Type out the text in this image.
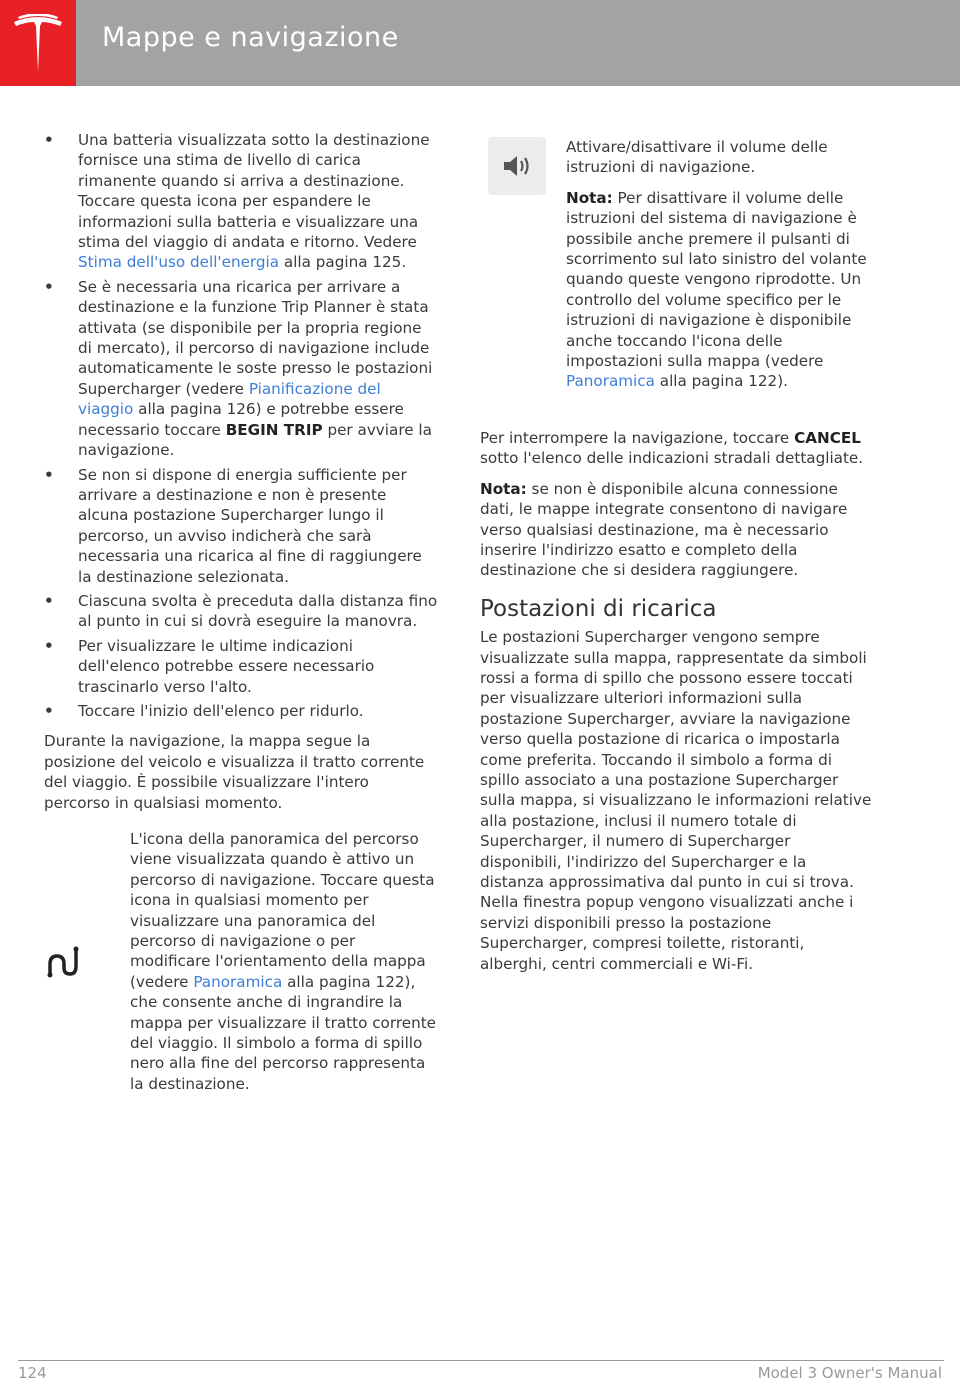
Mappe e navigazione
• Una batteria visualizzata sotto la destinazione fornisce una stima de livello di carica rimanente quando si arriva a destinazione. Toccare questa icona per espandere le informazioni sulla batteria e visualizzare una stima del viaggio di andata e ritorno. Vedere Stima dell'uso dell'energia alla pagina 125.
• Se è necessaria una ricarica per arrivare a destinazione e la funzione Trip Planner è stata attivata (se disponibile per la propria regione di mercato), il percorso di navigazione include automaticamente le soste presso le postazioni Supercharger (vedere Pianificazione del viaggio alla pagina 126) e potrebbe essere necessario toccare BEGIN TRIP per avviare la navigazione.
• Se non si dispone di energia sufficiente per arrivare a destinazione e non è presente alcuna postazione Supercharger lungo il percorso, un avviso indicherà che sarà necessaria una ricarica al fine di raggiungere la destinazione selezionata.
• Ciascuna svolta è preceduta dalla distanza fino al punto in cui si dovrà eseguire la manovra.
• Per visualizzare le ultime indicazioni dell'elenco potrebbe essere necessario trascinarlo verso l'alto.
• Toccare l'inizio dell'elenco per ridurlo.

Durante la navigazione, la mappa segue la posizione del veicolo e visualizza il tratto corrente del viaggio. È possibile visualizzare l'intero percorso in qualsiasi momento.

L'icona della panoramica del percorso viene visualizzata quando è attivo un percorso di navigazione. Toccare questa icona in qualsiasi momento per visualizzare una panoramica del percorso di navigazione o per modificare l'orientamento della mappa (vedere Panoramica alla pagina 122), che consente anche di ingrandire la mappa per visualizzare il tratto corrente del viaggio. Il simbolo a forma di spillo nero alla fine del percorso rappresenta la destinazione.

Attivare/disattivare il volume delle istruzioni di navigazione.

Nota: Per disattivare il volume delle istruzioni del sistema di navigazione è possibile anche premere il pulsanti di scorrimento sul lato sinistro del volante quando queste vengono riprodotte. Un controllo del volume specifico per le istruzioni di navigazione è disponibile anche toccando l'icona delle impostazioni sulla mappa (vedere Panoramica alla pagina 122).

Per interrompere la navigazione, toccare CANCEL sotto l'elenco delle indicazioni stradali dettagliate.

Nota: se non è disponibile alcuna connessione dati, le mappe integrate consentono di navigare verso qualsiasi destinazione, ma è necessario inserire l'indirizzo esatto e completo della destinazione che si desidera raggiungere.

Postazioni di ricarica

Le postazioni Supercharger vengono sempre visualizzate sulla mappa, rappresentate da simboli rossi a forma di spillo che possono essere toccati per visualizzare ulteriori informazioni sulla postazione Supercharger, avviare la navigazione verso quella postazione di ricarica o impostarla come preferita. Toccando il simbolo a forma di spillo associato a una postazione Supercharger sulla mappa, si visualizzano le informazioni relative alla postazione, inclusi il numero totale di Supercharger, il numero di Supercharger disponibili, l'indirizzo del Supercharger e la distanza approssimativa dal punto in cui si trova. Nella finestra popup vengono visualizzati anche i servizi disponibili presso la postazione Supercharger, compresi toilette, ristoranti, alberghi, centri commerciali e Wi-Fi.

124	Model 3 Owner's Manual
